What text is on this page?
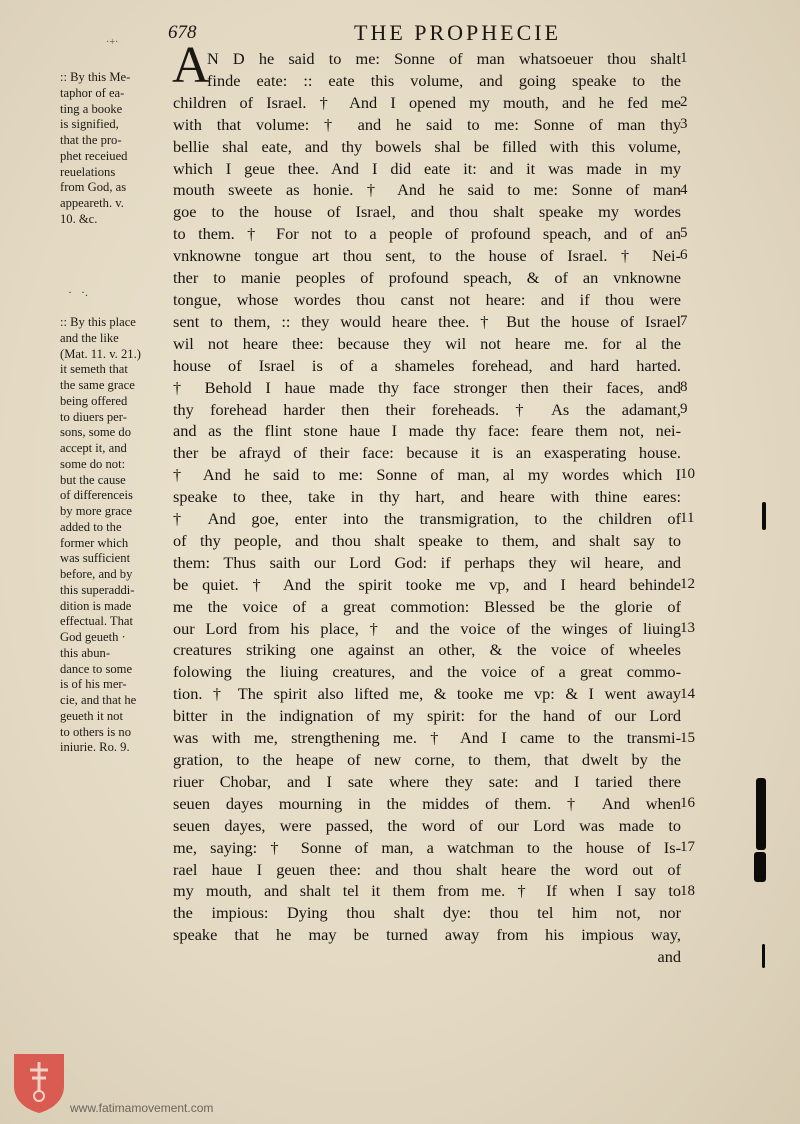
·+·	678	THE PROPHECIE
:: By this Me-
taphor of ea-
ting a booke
is signified,
that the pro-
phet receiued
reuelations
from God, as
appeareth. v.
10. &c.
·   ·.
:: By this place
and the like
(Mat. 11. v. 21.)
it semeth that
the same grace
being offered
to diuers per-
sons, some do
accept it, and
some do not:
but the cause
of differenceis
by more grace
added to the
former which
was sufficient
before, and by
this superaddi-
dition is made
effectual. That
God geueth ·
this abun-
dance to some
is of his mer-
cie, and that he
geueth it not
to others is no
iniurie. Ro. 9.
A
N D he said to me: Sonne of man whatsoeuer thou shalt
finde eate: :: eate this volume, and going speake to the
children of Israel. † And I opened my mouth, and he fed me
with that volume: † and he said to me: Sonne of man thy
bellie shal eate, and thy bowels shal be filled with this volume,
which I geue thee. And I did eate it: and it was made in my
mouth sweete as honie. † And he said to me: Sonne of man
goe to the house of Israel, and thou shalt speake my wordes
to them. † For not to a people of profound speach, and of an
vnknowne tongue art thou sent, to the house of Israel. † Nei-
ther to manie peoples of profound speach, & of an vnknowne
tongue, whose wordes thou canst not heare: and if thou were
sent to them, :: they would heare thee. † But the house of Israel
wil not heare thee: because they wil not heare me. for al the
house of Israel is of a shameles forehead, and hard harted.
† Behold I haue made thy face stronger then their faces, and
thy forehead harder then their foreheads. † As the adamant,
and as the flint stone haue I made thy face: feare them not, nei-
ther be afrayd of their face: because it is an exasperating house.
† And he said to me: Sonne of man, al my wordes which I
speake to thee, take in thy hart, and heare with thine eares:
† And goe, enter into the transmigration, to the children of
of thy people, and thou shalt speake to them, and shalt say to
them: Thus saith our Lord God: if perhaps they wil heare, and
be quiet. † And the spirit tooke me vp, and I heard behinde
me the voice of a great commotion: Blessed be the glorie of
our Lord from his place, † and the voice of the winges of liuing
creatures striking one against an other, & the voice of wheeles
folowing the liuing creatures, and the voice of a great commo-
tion. † The spirit also lifted me, & tooke me vp: & I went away
bitter in the indignation of my spirit: for the hand of our Lord
was with me, strengthening me. † And I came to the transmi-
gration, to the heape of new corne, to them, that dwelt by the
riuer Chobar, and I sate where they sate: and I taried there
seuen dayes mourning in the middes of them. † And when
seuen dayes, were passed, the word of our Lord was made to
me, saying: † Sonne of man, a watchman to the house of Is-
rael haue I geuen thee: and thou shalt heare the word out of
my mouth, and shalt tel it them from me. † If when I say to
the impious: Dying thou shalt dye: thou tel him not, nor
speake that he may be turned away from his impious way,
and
1
2
3
4
5
6
7
8
9
10
11
12
13
14
15
16
17
18
www.fatimamovement.com
